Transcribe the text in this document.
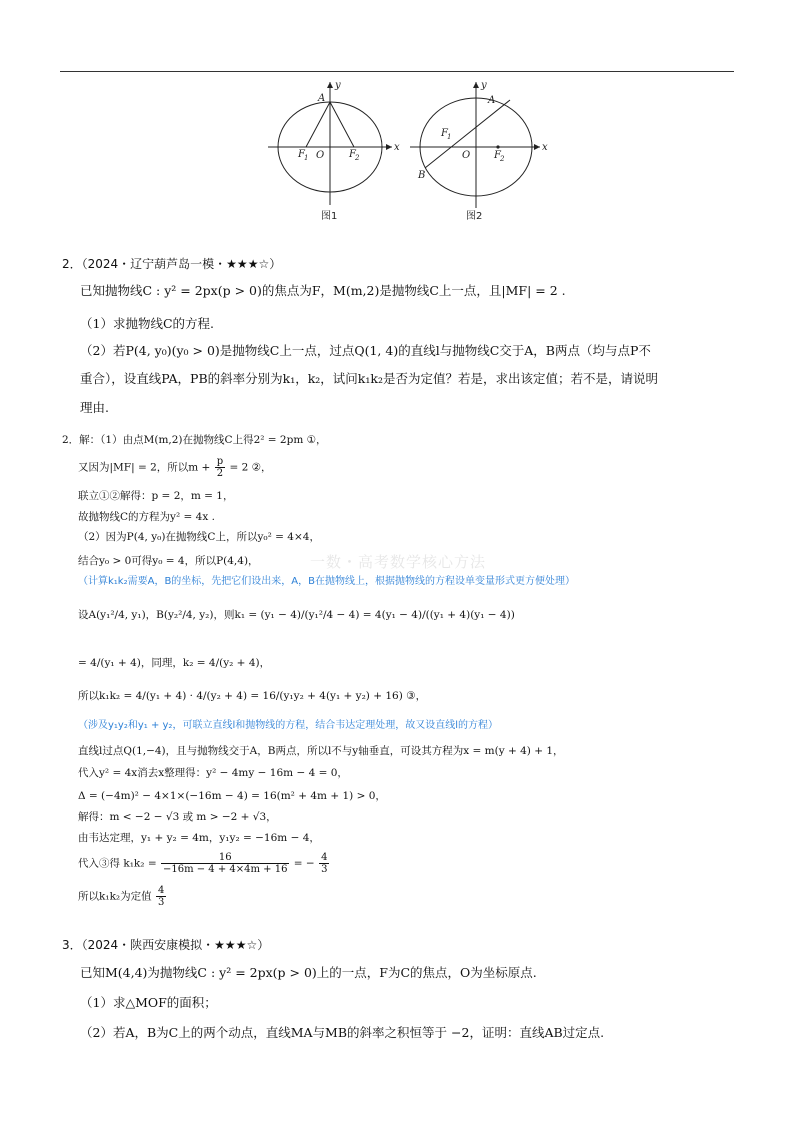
y
x
A
O
F 1	F 2
图1
y
x
A
B
O
F 1
F 2
图2
2．（2024・辽宁葫芦岛一模・★★★☆）
已知抛物线C : y² = 2px(p > 0)的焦点为F，M(m,2)是抛物线C上一点，且|MF| = 2 .
（1）求抛物线C的方程.
（2）若P(4, y₀)(y₀ > 0)是抛物线C上一点，过点Q(1, 4)的直线l与抛物线C交于A，B两点（均与点P不
重合），设直线PA，PB的斜率分别为k₁，k₂，试问k₁k₂是否为定值？若是，求出该定值；若不是，请说明
理由.
2．解：（1）由点M(m,2)在抛物线C上得2² = 2pm ①，
又因为|MF| = 2，所以$m + \frac{p}{2} = 2$ ②，
联立①②解得：p = 2，m = 1，
故抛物线C的方程为y² = 4x .
（2）因为P(4, y₀)在抛物线C上，所以y₀² = 4×4，
结合y₀ > 0可得y₀ = 4，所以P(4,4)，	一数・高考数学核心方法
（计算k₁k₂需要A，B的坐标，先把它们设出来，A，B在抛物线上，根据抛物线的方程设单变量形式更方便处理）
设A(y₁²/4, y₁)，B(y₂²/4, y₂)，则k₁ = (y₁ − 4)/(y₁²/4 − 4) = 4(y₁ − 4)/((y₁ + 4)(y₁ − 4))
= 4/(y₁ + 4)，同理，k₂ = 4/(y₂ + 4)，
所以k₁k₂ = 4/(y₁ + 4) · 4/(y₂ + 4) = 16/(y₁y₂ + 4(y₁ + y₂) + 16) ③，
（涉及y₁y₂和y₁ + y₂，可联立直线l和抛物线的方程，结合韦达定理处理，故又设直线l的方程）
直线l过点Q(1,−4)，且与抛物线交于A，B两点，所以l不与y轴垂直，可设其方程为x = m(y + 4) + 1，
代入y² = 4x消去x整理得：y² − 4my − 16m − 4 = 0，
Δ = (−4m)² − 4×1×(−16m − 4) = 16(m² + 4m + 1) > 0，
解得：m < −2 − √3 或 m > −2 + √3，
由韦达定理，y₁ + y₂ = 4m，y₁y₂ = −16m − 4，
代入③得 $k_1k_2 = \frac{16}{-16m - 4 + 4\times 4m + 16}$ = − $\frac{4}{3}$
所以k₁k₂为定值 $\frac{4}{3}$
3．（2024・陕西安康模拟・★★★☆）
已知M(4,4)为抛物线C : y² = 2px(p > 0)上的一点，F为C的焦点，O为坐标原点.
（1）求△MOF的面积；
（2）若A，B为C上的两个动点，直线MA与MB的斜率之积恒等于 −2，证明：直线AB过定点.
